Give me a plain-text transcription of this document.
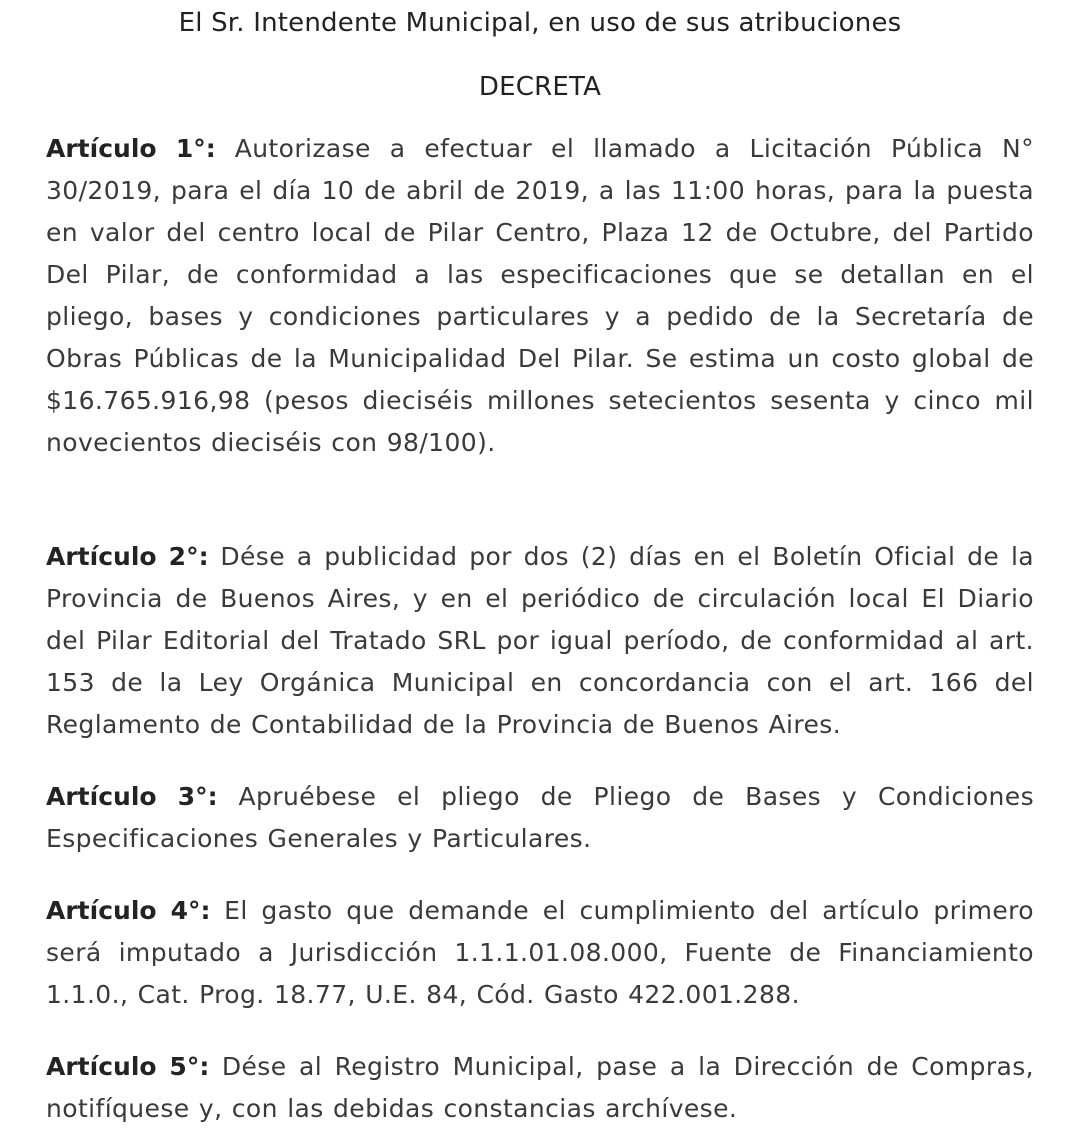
El Sr. Intendente Municipal, en uso de sus atribuciones

DECRETA

Artículo 1°: Autorizase a efectuar el llamado a Licitación Pública N° 30/2019, para el día 10 de abril de 2019, a las 11:00 horas, para la puesta en valor del centro local de Pilar Centro, Plaza 12 de Octubre, del Partido Del Pilar, de conformidad a las especificaciones que se detallan en el pliego, bases y condiciones particulares y a pedido de la Secretaría de Obras Públicas de la Municipalidad Del Pilar. Se estima un costo global de $16.765.916,98 (pesos dieciséis millones setecientos sesenta y cinco mil novecientos dieciséis con 98/100).

Artículo 2°: Dése a publicidad por dos (2) días en el Boletín Oficial de la Provincia de Buenos Aires, y en el periódico de circulación local El Diario del Pilar Editorial del Tratado SRL por igual período, de conformidad al art. 153 de la Ley Orgánica Municipal en concordancia con el art. 166 del Reglamento de Contabilidad de la Provincia de Buenos Aires.

Artículo 3°: Apruébese el pliego de Pliego de Bases y Condiciones Especificaciones Generales y Particulares.

Artículo 4°: El gasto que demande el cumplimiento del artículo primero será imputado a Jurisdicción 1.1.1.01.08.000, Fuente de Financiamiento 1.1.0., Cat. Prog. 18.77, U.E. 84, Cód. Gasto 422.001.288.

Artículo 5°: Dése al Registro Municipal, pase a la Dirección de Compras, notifíquese y, con las debidas constancias archívese.
